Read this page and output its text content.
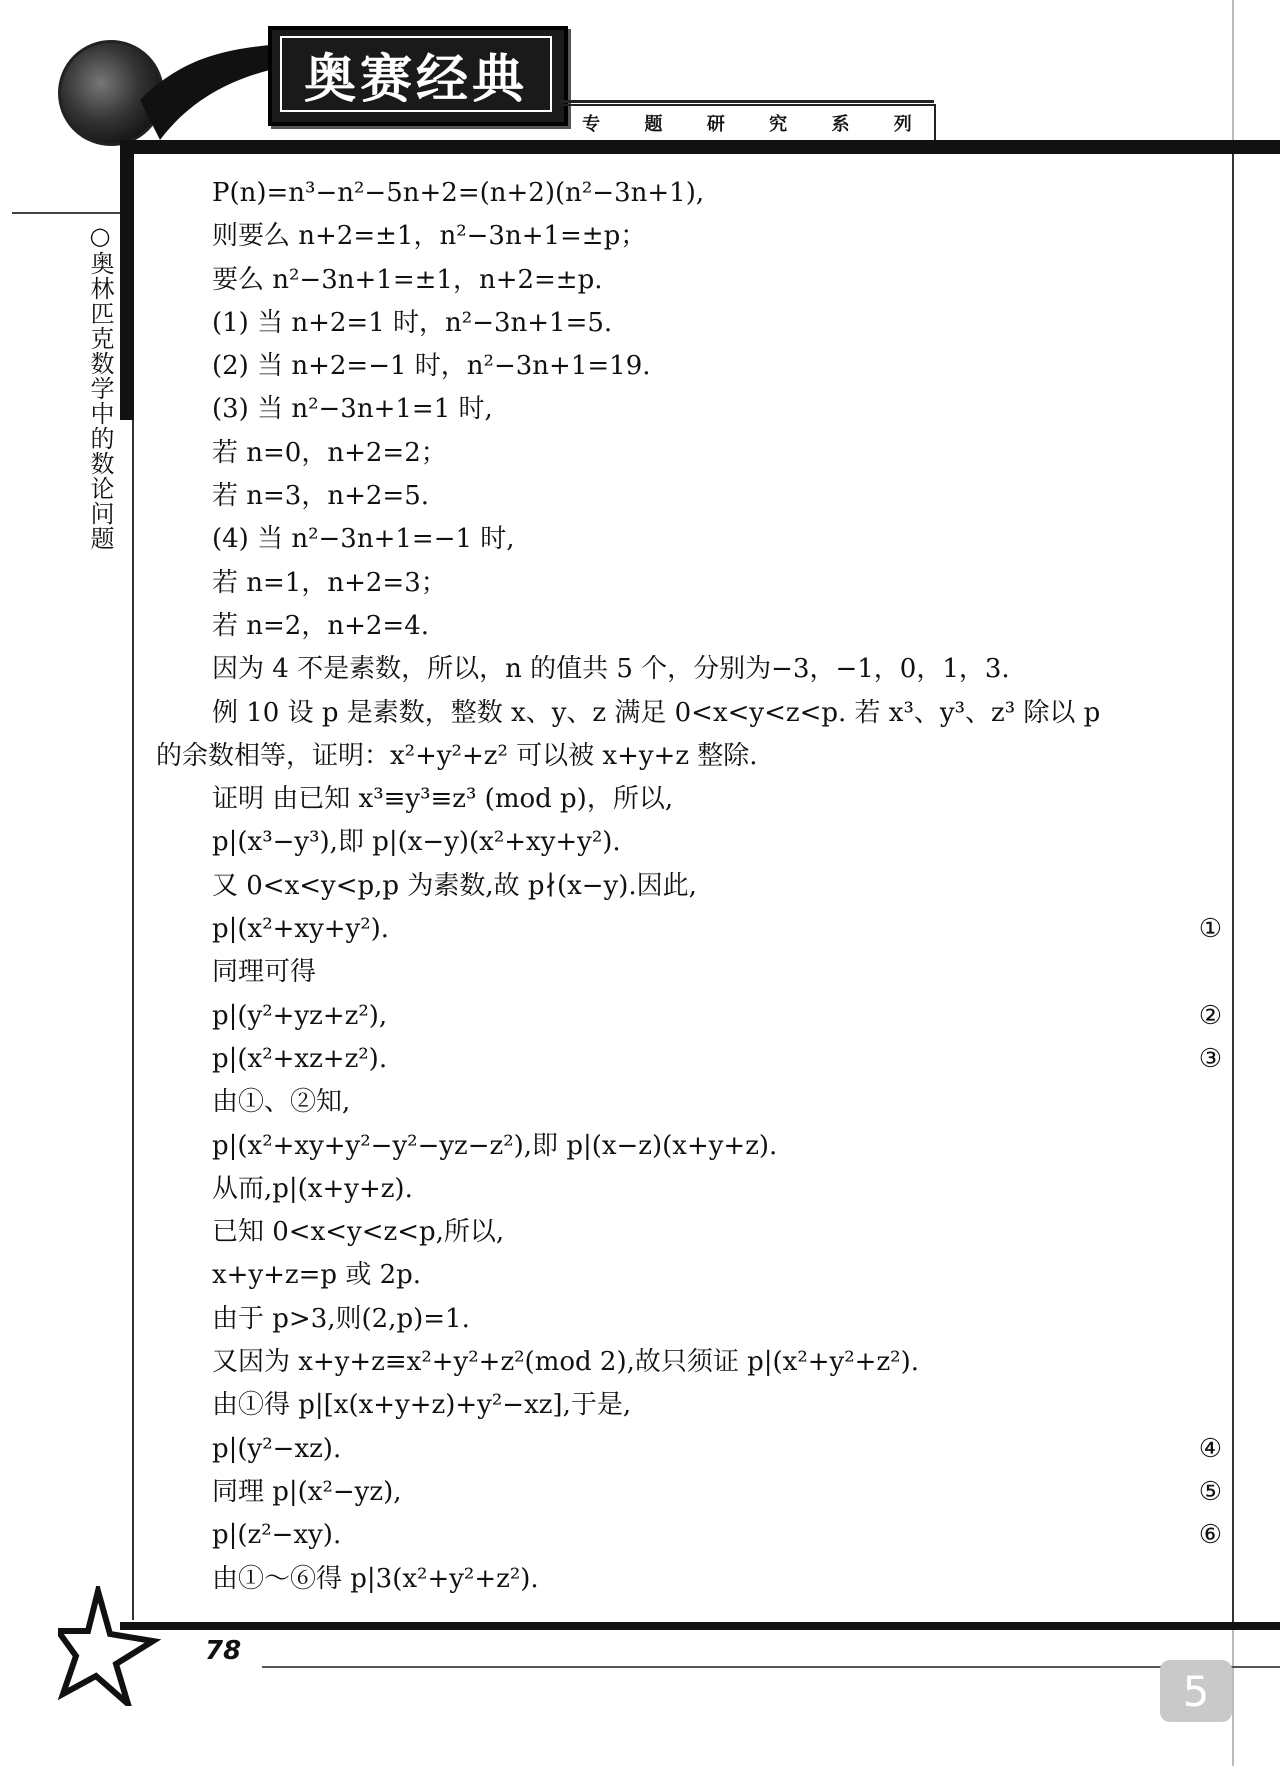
奥赛经典
专 题 研 究 系 列
○奥林匹克数学中的数论问题
P(n)=n³−n²−5n+2=(n+2)(n²−3n+1),
则要么 n+2=±1，n²−3n+1=±p；
要么 n²−3n+1=±1，n+2=±p.
(1) 当 n+2=1 时，n²−3n+1=5.
(2) 当 n+2=−1 时，n²−3n+1=19.
(3) 当 n²−3n+1=1 时,
若 n=0，n+2=2；
若 n=3，n+2=5.
(4) 当 n²−3n+1=−1 时,
若 n=1，n+2=3；
若 n=2，n+2=4.
因为 4 不是素数，所以，n 的值共 5 个，分别为−3，−1，0，1，3.
例 10 设 p 是素数，整数 x、y、z 满足 0<x<y<z<p. 若 x³、y³、z³ 除以 p
的余数相等，证明：x²+y²+z² 可以被 x+y+z 整除.
证明 由已知 x³≡y³≡z³ (mod p)，所以,
p|(x³−y³),即 p|(x−y)(x²+xy+y²).
又 0<x<y<p,p 为素数,故 p∤(x−y).因此,
p|(x²+xy+y²).	①
同理可得
p|(y²+yz+z²),	②
p|(x²+xz+z²).	③
由①、②知,
p|(x²+xy+y²−y²−yz−z²),即 p|(x−z)(x+y+z).
从而,p|(x+y+z).
已知 0<x<y<z<p,所以,
x+y+z=p 或 2p.
由于 p>3,则(2,p)=1.
又因为 x+y+z≡x²+y²+z²(mod 2),故只须证 p|(x²+y²+z²).
由①得 p|[x(x+y+z)+y²−xz],于是,
p|(y²−xz).	④
同理 p|(x²−yz),	⑤
p|(z²−xy).	⑥
由①～⑥得 p|3(x²+y²+z²).
78
5
